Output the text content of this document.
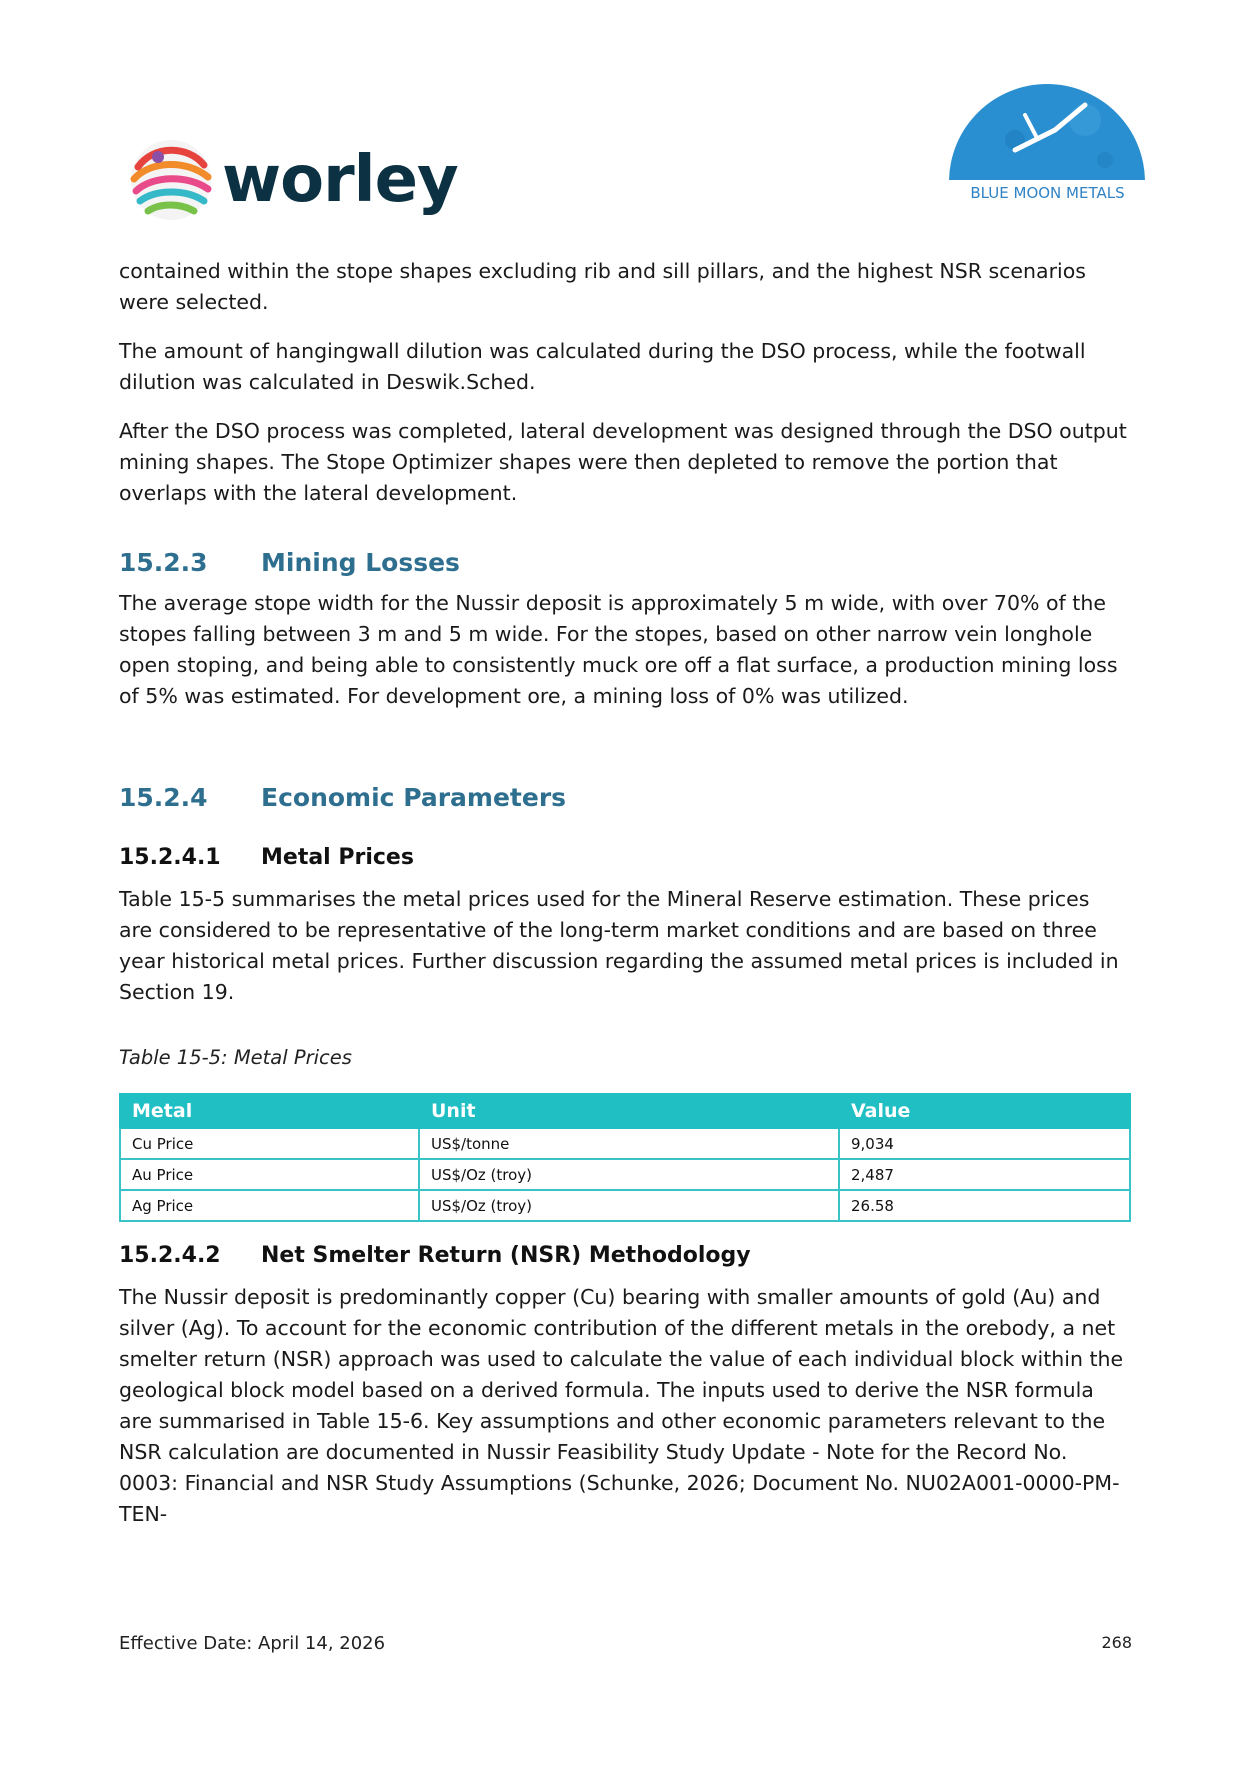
worley	BLUE MOON METALS

contained within the stope shapes excluding rib and sill pillars, and the highest NSR scenarios were selected.

The amount of hangingwall dilution was calculated during the DSO process, while the footwall dilution was calculated in Deswik.Sched.

After the DSO process was completed, lateral development was designed through the DSO output mining shapes. The Stope Optimizer shapes were then depleted to remove the portion that overlaps with the lateral development.

15.2.3	Mining Losses

The average stope width for the Nussir deposit is approximately 5 m wide, with over 70% of the stopes falling between 3 m and 5 m wide. For the stopes, based on other narrow vein longhole open stoping, and being able to consistently muck ore off a flat surface, a production mining loss of 5% was estimated. For development ore, a mining loss of 0% was utilized.

15.2.4	Economic Parameters
15.2.4.1	Metal Prices

Table 15-5 summarises the metal prices used for the Mineral Reserve estimation. These prices are considered to be representative of the long-term market conditions and are based on three year historical metal prices. Further discussion regarding the assumed metal prices is included in Section 19.

Table 15-5: Metal Prices
Metal	Unit	Value
Cu Price	US$/tonne	9,034
Au Price	US$/Oz (troy)	2,487
Ag Price	US$/Oz (troy)	26.58
15.2.4.2	Net Smelter Return (NSR) Methodology

The Nussir deposit is predominantly copper (Cu) bearing with smaller amounts of gold (Au) and silver (Ag). To account for the economic contribution of the different metals in the orebody, a net smelter return (NSR) approach was used to calculate the value of each individual block within the geological block model based on a derived formula. The inputs used to derive the NSR formula are summarised in Table 15-6. Key assumptions and other economic parameters relevant to the NSR calculation are documented in Nussir Feasibility Study Update - Note for the Record No. 0003: Financial and NSR Study Assumptions (Schunke, 2026; Document No. NU02A001-0000-PM-TEN-

Effective Date: April 14, 2026	268
